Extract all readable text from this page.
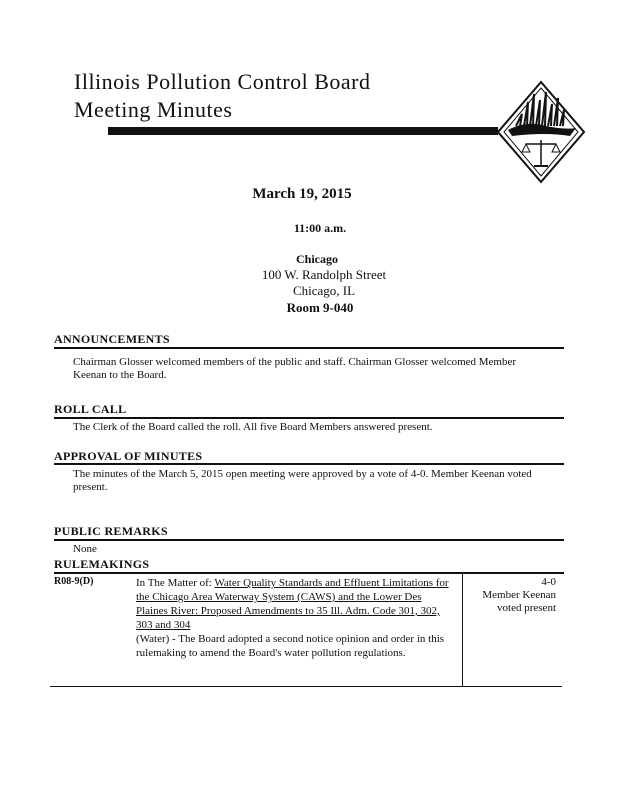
Illinois Pollution Control Board
Meeting Minutes
March 19, 2015
11:00 a.m.
Chicago
100 W. Randolph Street
Chicago, IL
Room 9-040
ANNOUNCEMENTS
Chairman Glosser welcomed members of the public and staff. Chairman Glosser welcomed Member Keenan to the Board.
ROLL CALL
The Clerk of the Board called the roll. All five Board Members answered present.
APPROVAL OF MINUTES
The minutes of the March 5, 2015 open meeting were approved by a vote of 4-0. Member Keenan voted present.
PUBLIC REMARKS
None
RULEMAKINGS
R08-9(D)	In The Matter of: Water Quality Standards and Effluent Limitations for the Chicago Area Waterway System (CAWS) and the Lower Des Plaines River: Proposed Amendments to 35 Ill. Adm. Code 301, 302, 303 and 304
(Water) - The Board adopted a second notice opinion and order in this rulemaking to amend the Board's water pollution regulations.
4-0
Member Keenan
voted present
